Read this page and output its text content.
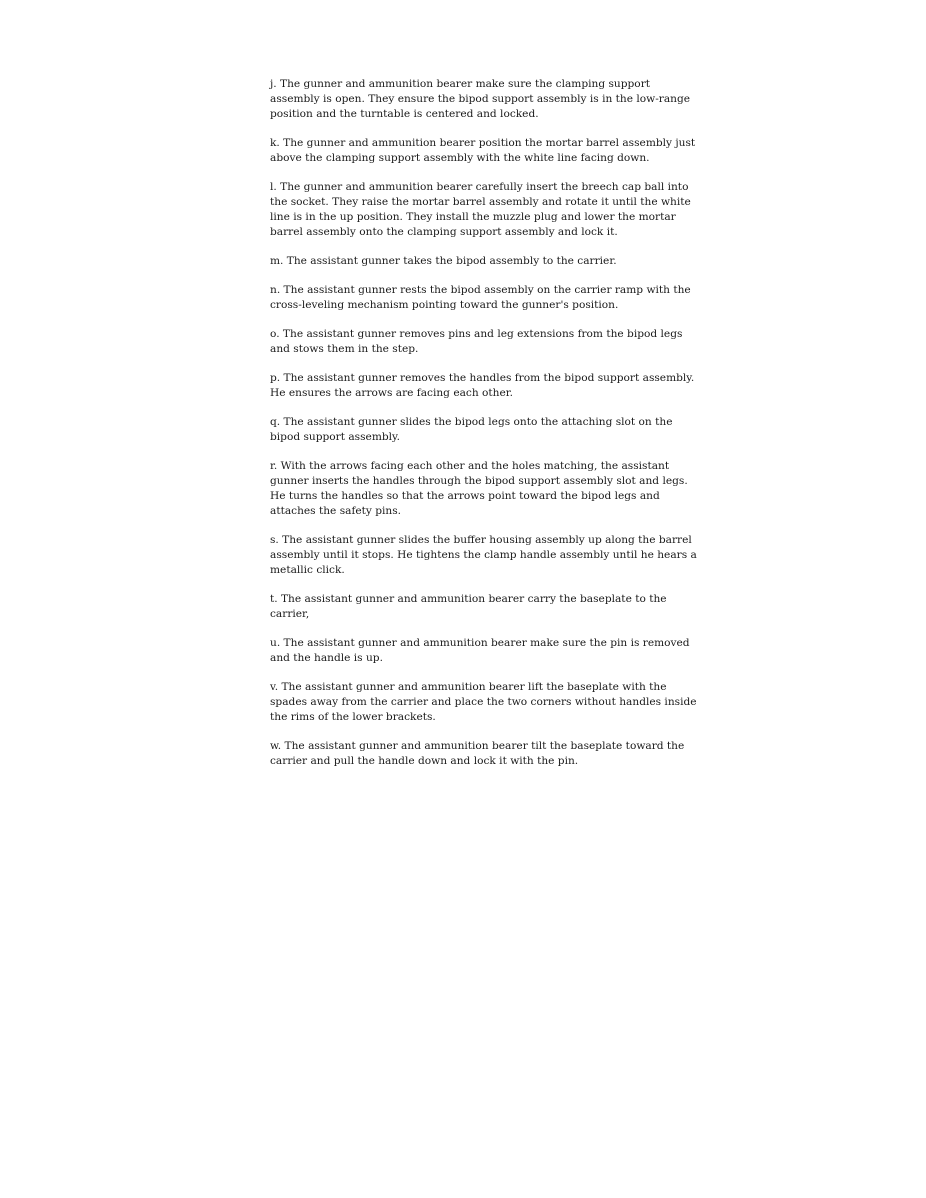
j. The gunner and ammunition bearer make sure the clamping support assembly is open. They ensure the bipod support assembly is in the low-range position and the turntable is centered and locked.

k. The gunner and ammunition bearer position the mortar barrel assembly just above the clamping support assembly with the white line facing down.

l. The gunner and ammunition bearer carefully insert the breech cap ball into the socket. They raise the mortar barrel assembly and rotate it until the white line is in the up position. They install the muzzle plug and lower the mortar barrel assembly onto the clamping support assembly and lock it.

m. The assistant gunner takes the bipod assembly to the carrier.

n. The assistant gunner rests the bipod assembly on the carrier ramp with the cross-leveling mechanism pointing toward the gunner's position.

o. The assistant gunner removes pins and leg extensions from the bipod legs and stows them in the step.

p. The assistant gunner removes the handles from the bipod support assembly. He ensures the arrows are facing each other.

q. The assistant gunner slides the bipod legs onto the attaching slot on the bipod support assembly.

r. With the arrows facing each other and the holes matching, the assistant gunner inserts the handles through the bipod support assembly slot and legs. He turns the handles so that the arrows point toward the bipod legs and attaches the safety pins.

s. The assistant gunner slides the buffer housing assembly up along the barrel assembly until it stops. He tightens the clamp handle assembly until he hears a metallic click.

t. The assistant gunner and ammunition bearer carry the baseplate to the carrier,

u. The assistant gunner and ammunition bearer make sure the pin is removed and the handle is up.

v. The assistant gunner and ammunition bearer lift the baseplate with the spades away from the carrier and place the two corners without handles inside the rims of the lower brackets.

w. The assistant gunner and ammunition bearer tilt the baseplate toward the carrier and pull the handle down and lock it with the pin.
